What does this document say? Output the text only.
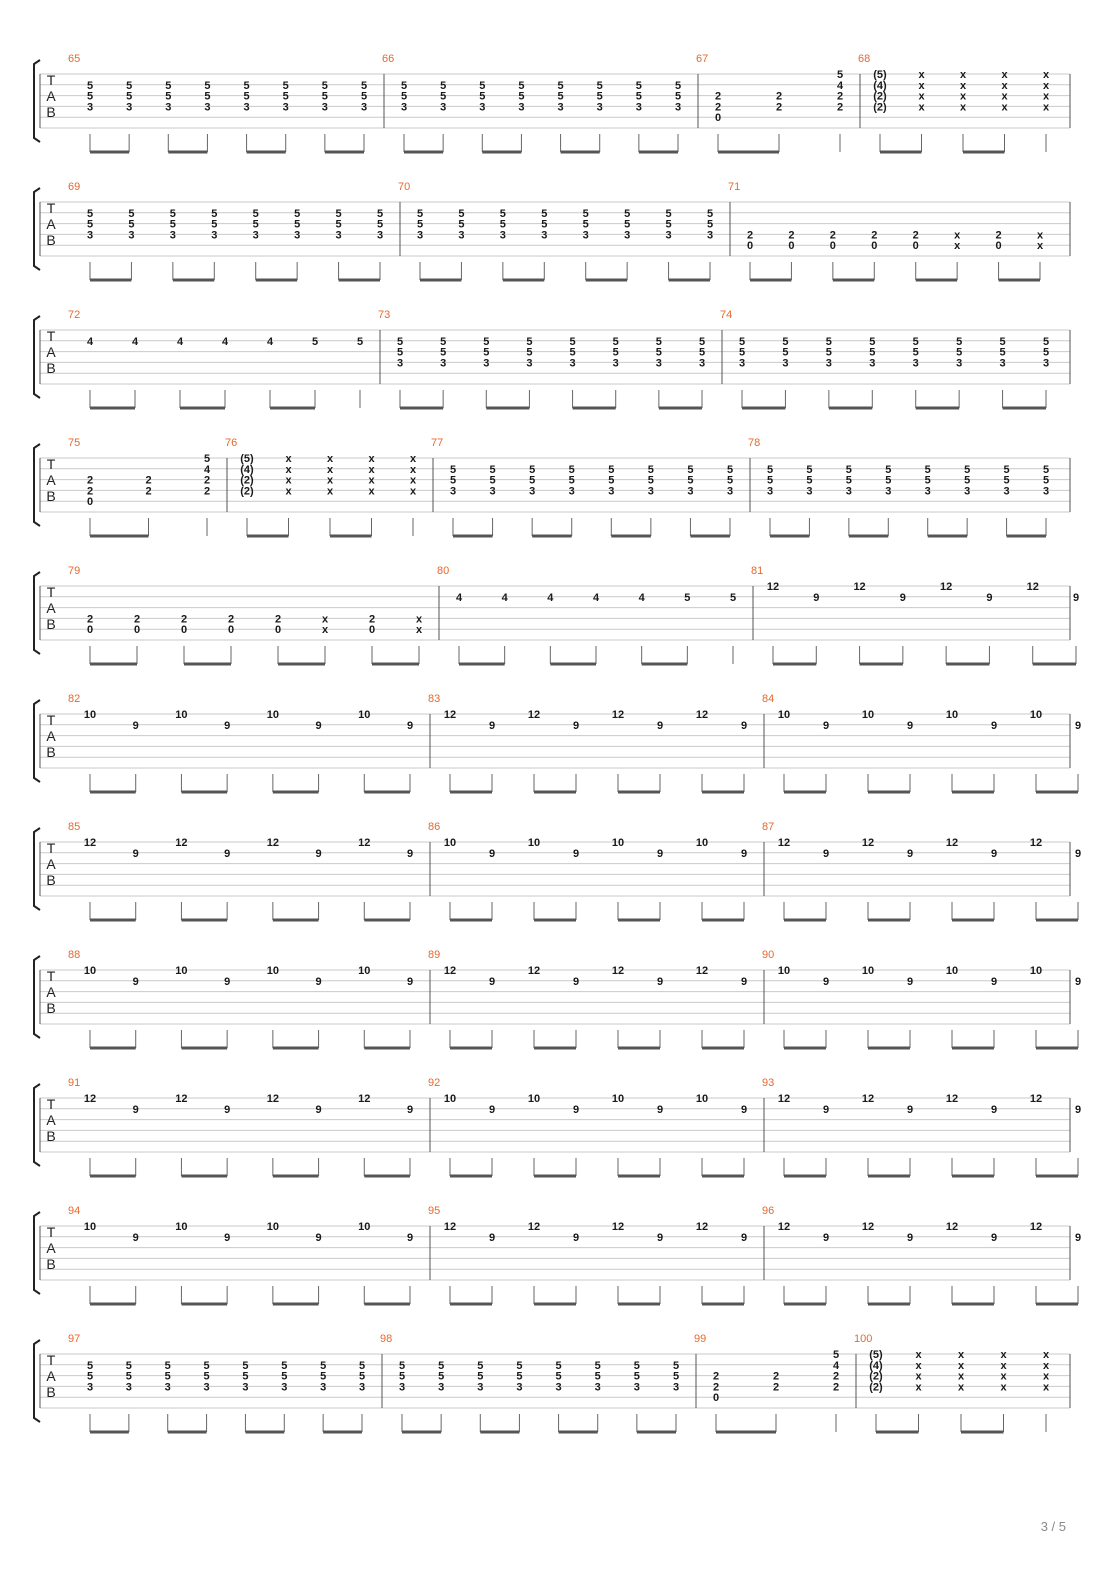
T
A
B
65
5
5
3
5
5
3
5
5
3
5
5
3
5
5
3
5
5
3
5
5
3
5
5
3
66
5
5
3
5
5
3
5
5
3
5
5
3
5
5
3
5
5
3
5
5
3
5
5
3
67
2
2
0
2
2
5
4
2
2
68
(5)
(4)
(2)
(2)
x
x
x
x
x
x
x
x
x
x
x
x
x
x
x
x
T
A
B
69
5
5
3
5
5
3
5
5
3
5
5
3
5
5
3
5
5
3
5
5
3
5
5
3
70
5
5
3
5
5
3
5
5
3
5
5
3
5
5
3
5
5
3
5
5
3
5
5
3
71
2
0
2
0
2
0
2
0
2
0
x
x
2
0
x
x
T
A
B
72
4	4	4	4	4	5	5
73
5
5
3
5
5
3
5
5
3
5
5
3
5
5
3
5
5
3
5
5
3
5
5
3
74
5
5
3
5
5
3
5
5
3
5
5
3
5
5
3
5
5
3
5
5
3
5
5
3
T
A
B
75
2
2
0
2
2
5
4
2
2
76
(5)
(4)
(2)
(2)
x
x
x
x
x
x
x
x
x
x
x
x
x
x
x
x
77
5
5
3
5
5
3
5
5
3
5
5
3
5
5
3
5
5
3
5
5
3
5
5
3
78
5
5
3
5
5
3
5
5
3
5
5
3
5
5
3
5
5
3
5
5
3
5
5
3
T
A
B
79
2
0
2
0
2
0
2
0
2
0
x
x
2
0
x
x
80
4	4	4	4	4	5	5
81
12
9
12
9
12
9
12
9
T
A
B
82
10
9
10
9
10
9
10
9
83
12
9
12
9
12
9
12
9
84
10
9
10
9
10
9
10
9
T
A
B
85
12
9
12
9
12
9
12
9
86
10
9
10
9
10
9
10
9
87
12
9
12
9
12
9
12
9
T
A
B
88
10
9
10
9
10
9
10
9
89
12
9
12
9
12
9
12
9
90
10
9
10
9
10
9
10
9
T
A
B
91
12
9
12
9
12
9
12
9
92
10
9
10
9
10
9
10
9
93
12
9
12
9
12
9
12
9
T
A
B
94
10
9
10
9
10
9
10
9
95
12
9
12
9
12
9
12
9
96
12
9
12
9
12
9
12
9
T
A
B
97
5
5
3
5
5
3
5
5
3
5
5
3
5
5
3
5
5
3
5
5
3
5
5
3
98
5
5
3
5
5
3
5
5
3
5
5
3
5
5
3
5
5
3
5
5
3
5
5
3
99
2
2
0
2
2
5
4
2
2
100
(5)
(4)
(2)
(2)
x
x
x
x
x
x
x
x
x
x
x
x
x
x
x
x
3 / 5
